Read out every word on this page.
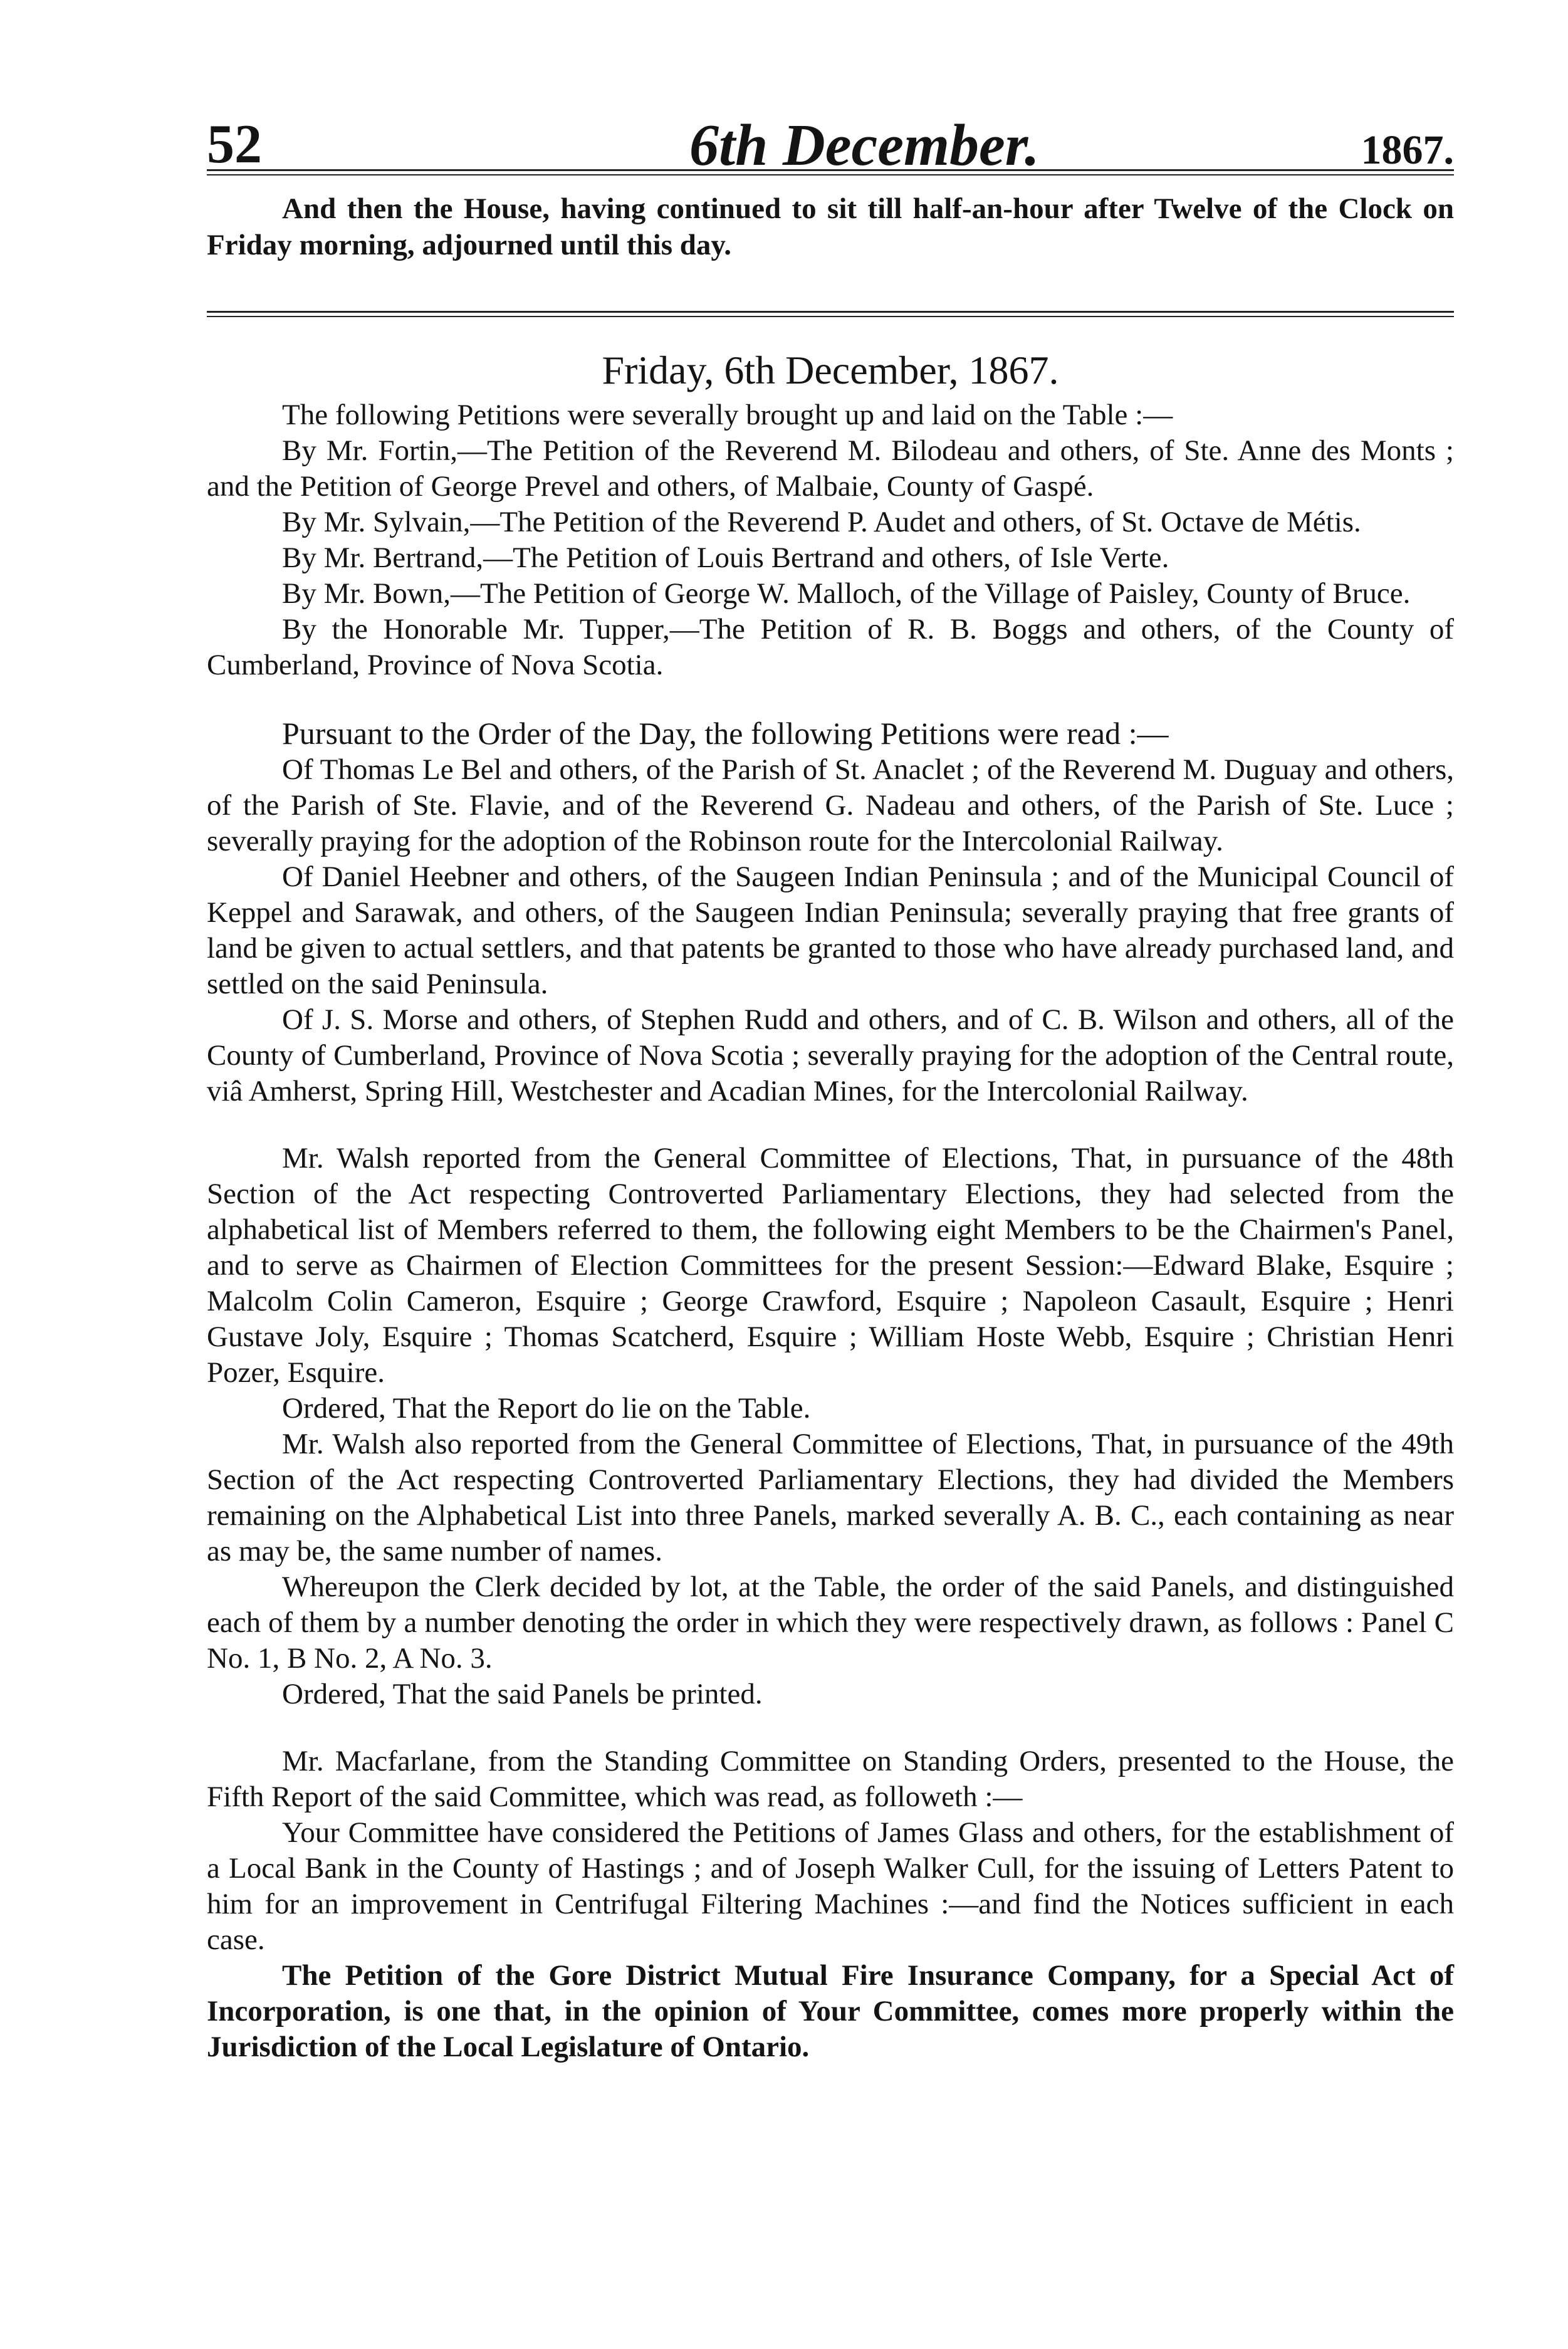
52	6th December.	1867.

And then the House, having continued to sit till half-an-hour after Twelve of the Clock on Friday morning, adjourned until this day.

Friday, 6th December, 1867.

The following Petitions were severally brought up and laid on the Table :—

By Mr. Fortin,—The Petition of the Reverend M. Bilodeau and others, of Ste. Anne des Monts ; and the Petition of George Prevel and others, of Malbaie, County of Gaspé.

By Mr. Sylvain,—The Petition of the Reverend P. Audet and others, of St. Octave de Métis.

By Mr. Bertrand,—The Petition of Louis Bertrand and others, of Isle Verte.

By Mr. Bown,—The Petition of George W. Malloch, of the Village of Paisley, County of Bruce.

By the Honorable Mr. Tupper,—The Petition of R. B. Boggs and others, of the County of Cumberland, Province of Nova Scotia.

Pursuant to the Order of the Day, the following Petitions were read :—

Of Thomas Le Bel and others, of the Parish of St. Anaclet ; of the Reverend M. Duguay and others, of the Parish of Ste. Flavie, and of the Reverend G. Nadeau and others, of the Parish of Ste. Luce ; severally praying for the adoption of the Robinson route for the Intercolonial Railway.

Of Daniel Heebner and others, of the Saugeen Indian Peninsula ; and of the Municipal Council of Keppel and Sarawak, and others, of the Saugeen Indian Peninsula; severally praying that free grants of land be given to actual settlers, and that patents be granted to those who have already purchased land, and settled on the said Peninsula.

Of J. S. Morse and others, of Stephen Rudd and others, and of C. B. Wilson and others, all of the County of Cumberland, Province of Nova Scotia ; severally praying for the adoption of the Central route, viâ Amherst, Spring Hill, Westchester and Acadian Mines, for the Intercolonial Railway.

Mr. Walsh reported from the General Committee of Elections, That, in pursuance of the 48th Section of the Act respecting Controverted Parliamentary Elections, they had selected from the alphabetical list of Members referred to them, the following eight Members to be the Chairmen's Panel, and to serve as Chairmen of Election Committees for the present Session:—Edward Blake, Esquire ; Malcolm Colin Cameron, Esquire ; George Crawford, Esquire ; Napoleon Casault, Esquire ; Henri Gustave Joly, Esquire ; Thomas Scatcherd, Esquire ; William Hoste Webb, Esquire ; Christian Henri Pozer, Esquire.

Ordered, That the Report do lie on the Table.

Mr. Walsh also reported from the General Committee of Elections, That, in pursuance of the 49th Section of the Act respecting Controverted Parliamentary Elections, they had divided the Members remaining on the Alphabetical List into three Panels, marked severally A. B. C., each containing as near as may be, the same number of names.

Whereupon the Clerk decided by lot, at the Table, the order of the said Panels, and distinguished each of them by a number denoting the order in which they were respectively drawn, as follows : Panel C No. 1, B No. 2, A No. 3.

Ordered, That the said Panels be printed.

Mr. Macfarlane, from the Standing Committee on Standing Orders, presented to the House, the Fifth Report of the said Committee, which was read, as followeth :—

Your Committee have considered the Petitions of James Glass and others, for the establishment of a Local Bank in the County of Hastings ; and of Joseph Walker Cull, for the issuing of Letters Patent to him for an improvement in Centrifugal Filtering Machines :—and find the Notices sufficient in each case.

The Petition of the Gore District Mutual Fire Insurance Company, for a Special Act of Incorporation, is one that, in the opinion of Your Committee, comes more properly within the Jurisdiction of the Local Legislature of Ontario.
